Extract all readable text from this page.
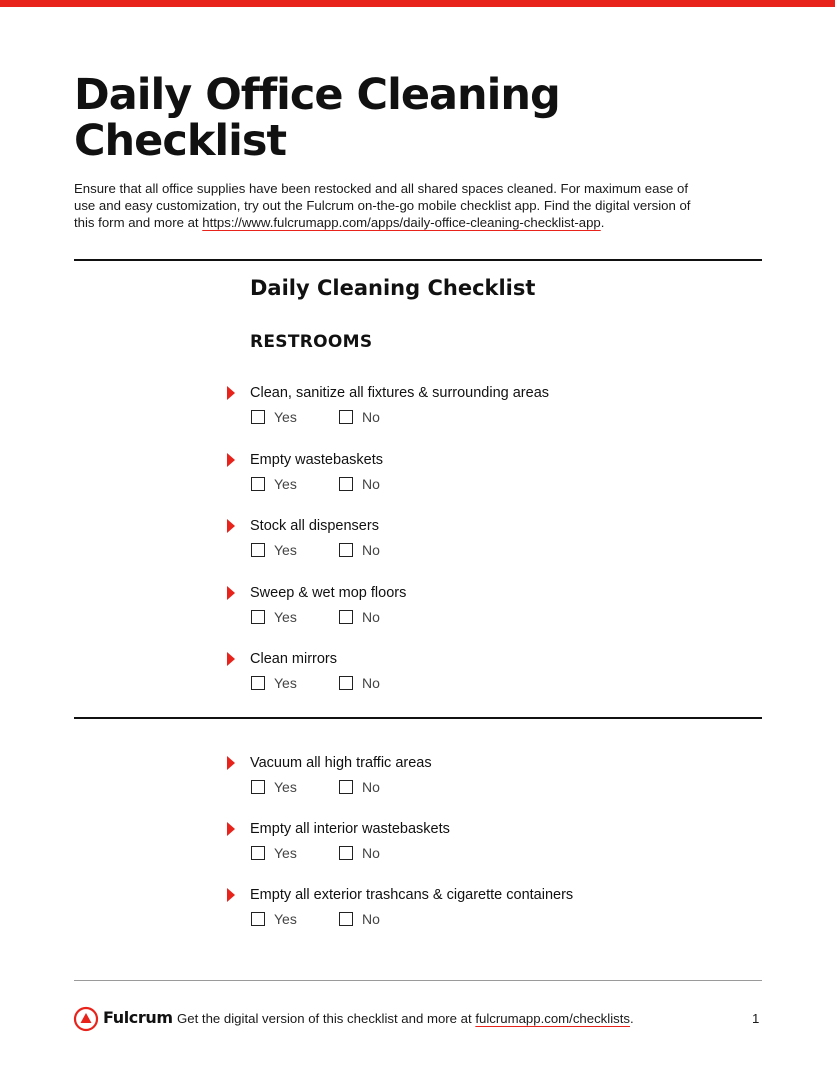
Daily Office Cleaning Checklist

Ensure that all office supplies have been restocked and all shared spaces cleaned. For maximum ease of use and easy customization, try out the Fulcrum on-the-go mobile checklist app. Find the digital version of this form and more at https://www.fulcrumapp.com/apps/daily-office-cleaning-checklist-app.

Daily Cleaning Checklist
RESTROOMS
Clean, sanitize all fixtures & surrounding areas
Yes	No
Empty wastebaskets
Yes	No
Stock all dispensers
Yes	No
Sweep & wet mop floors
Yes	No
Clean mirrors
Yes	No
Vacuum all high traffic areas
Yes	No
Empty all interior wastebaskets
Yes	No
Empty all exterior trashcans & cigarette containers
Yes	No
Fulcrum Get the digital version of this checklist and more at fulcrumapp.com/checklists.	1
